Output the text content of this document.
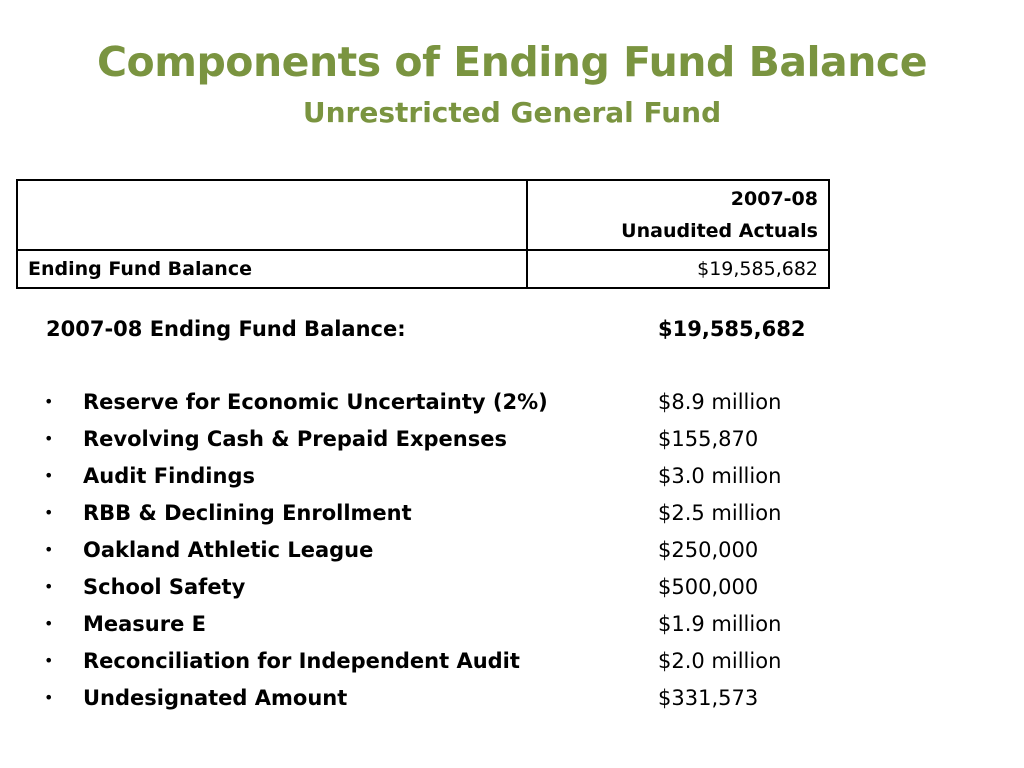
Components of Ending Fund Balance
Unrestricted General Fund

	2007-08
Unaudited Actuals

Ending Fund Balance	$19,585,682
2007-08 Ending Fund Balance:	$19,585,682
• Reserve for Economic Uncertainty (2%)	$8.9 million
• Revolving Cash & Prepaid Expenses	$155,870
• Audit Findings	$3.0 million
• RBB & Declining Enrollment	$2.5 million
• Oakland Athletic League	$250,000
• School Safety	$500,000
• Measure E	$1.9 million
• Reconciliation for Independent Audit	$2.0 million
• Undesignated Amount	$331,573
